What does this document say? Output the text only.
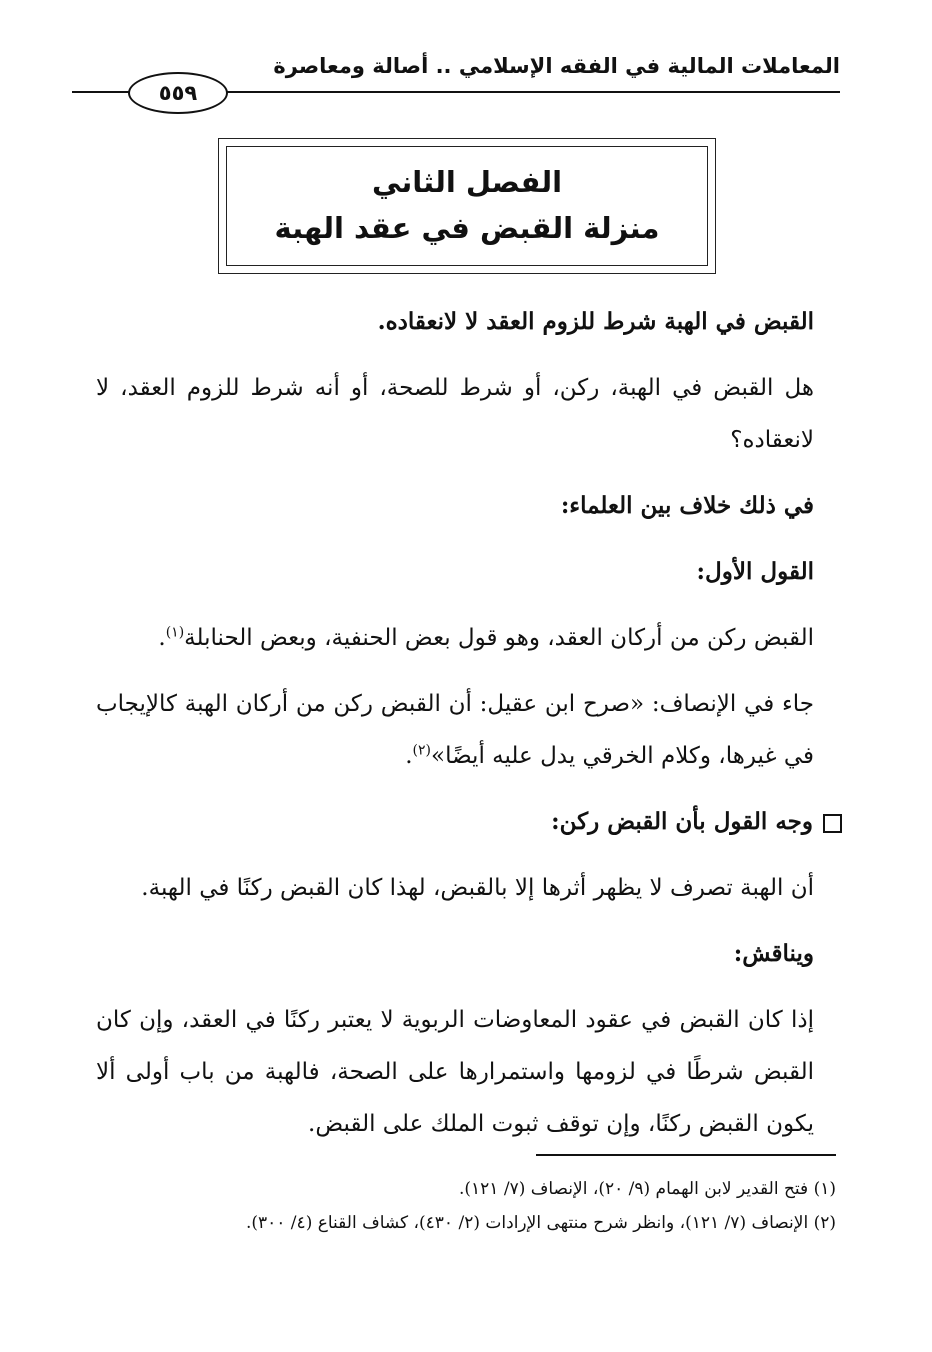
المعاملات المالية في الفقه الإسلامي .. أصالة ومعاصرة
٥٥٩
الفصل الثاني
منزلة القبض في عقد الهبة

القبض في الهبة شرط للزوم العقد لا لانعقاده.

هل القبض في الهبة، ركن، أو شرط للصحة، أو أنه شرط للزوم العقد، لا لانعقاده؟

في ذلك خلاف بين العلماء:

القول الأول:

القبض ركن من أركان العقد، وهو قول بعض الحنفية، وبعض الحنابلة$^{(١)}$.

جاء في الإنصاف: «صرح ابن عقيل: أن القبض ركن من أركان الهبة كالإيجاب في غيرها، وكلام الخرقي يدل عليه أيضًا»$^{(٢)}$.

وجه القول بأن القبض ركن:

أن الهبة تصرف لا يظهر أثرها إلا بالقبض، لهذا كان القبض ركنًا في الهبة.

ويناقش:

إذا كان القبض في عقود المعاوضات الربوية لا يعتبر ركنًا في العقد، وإن كان القبض شرطًا في لزومها واستمرارها على الصحة، فالهبة من باب أولى ألا يكون القبض ركنًا، وإن توقف ثبوت الملك على القبض.

(١) فتح القدير لابن الهمام (٩/ ٢٠)، الإنصاف (٧/ ١٢١).
(٢) الإنصاف (٧/ ١٢١)، وانظر شرح منتهى الإرادات (٢/ ٤٣٠)، كشاف القناع (٤/ ٣٠٠).
